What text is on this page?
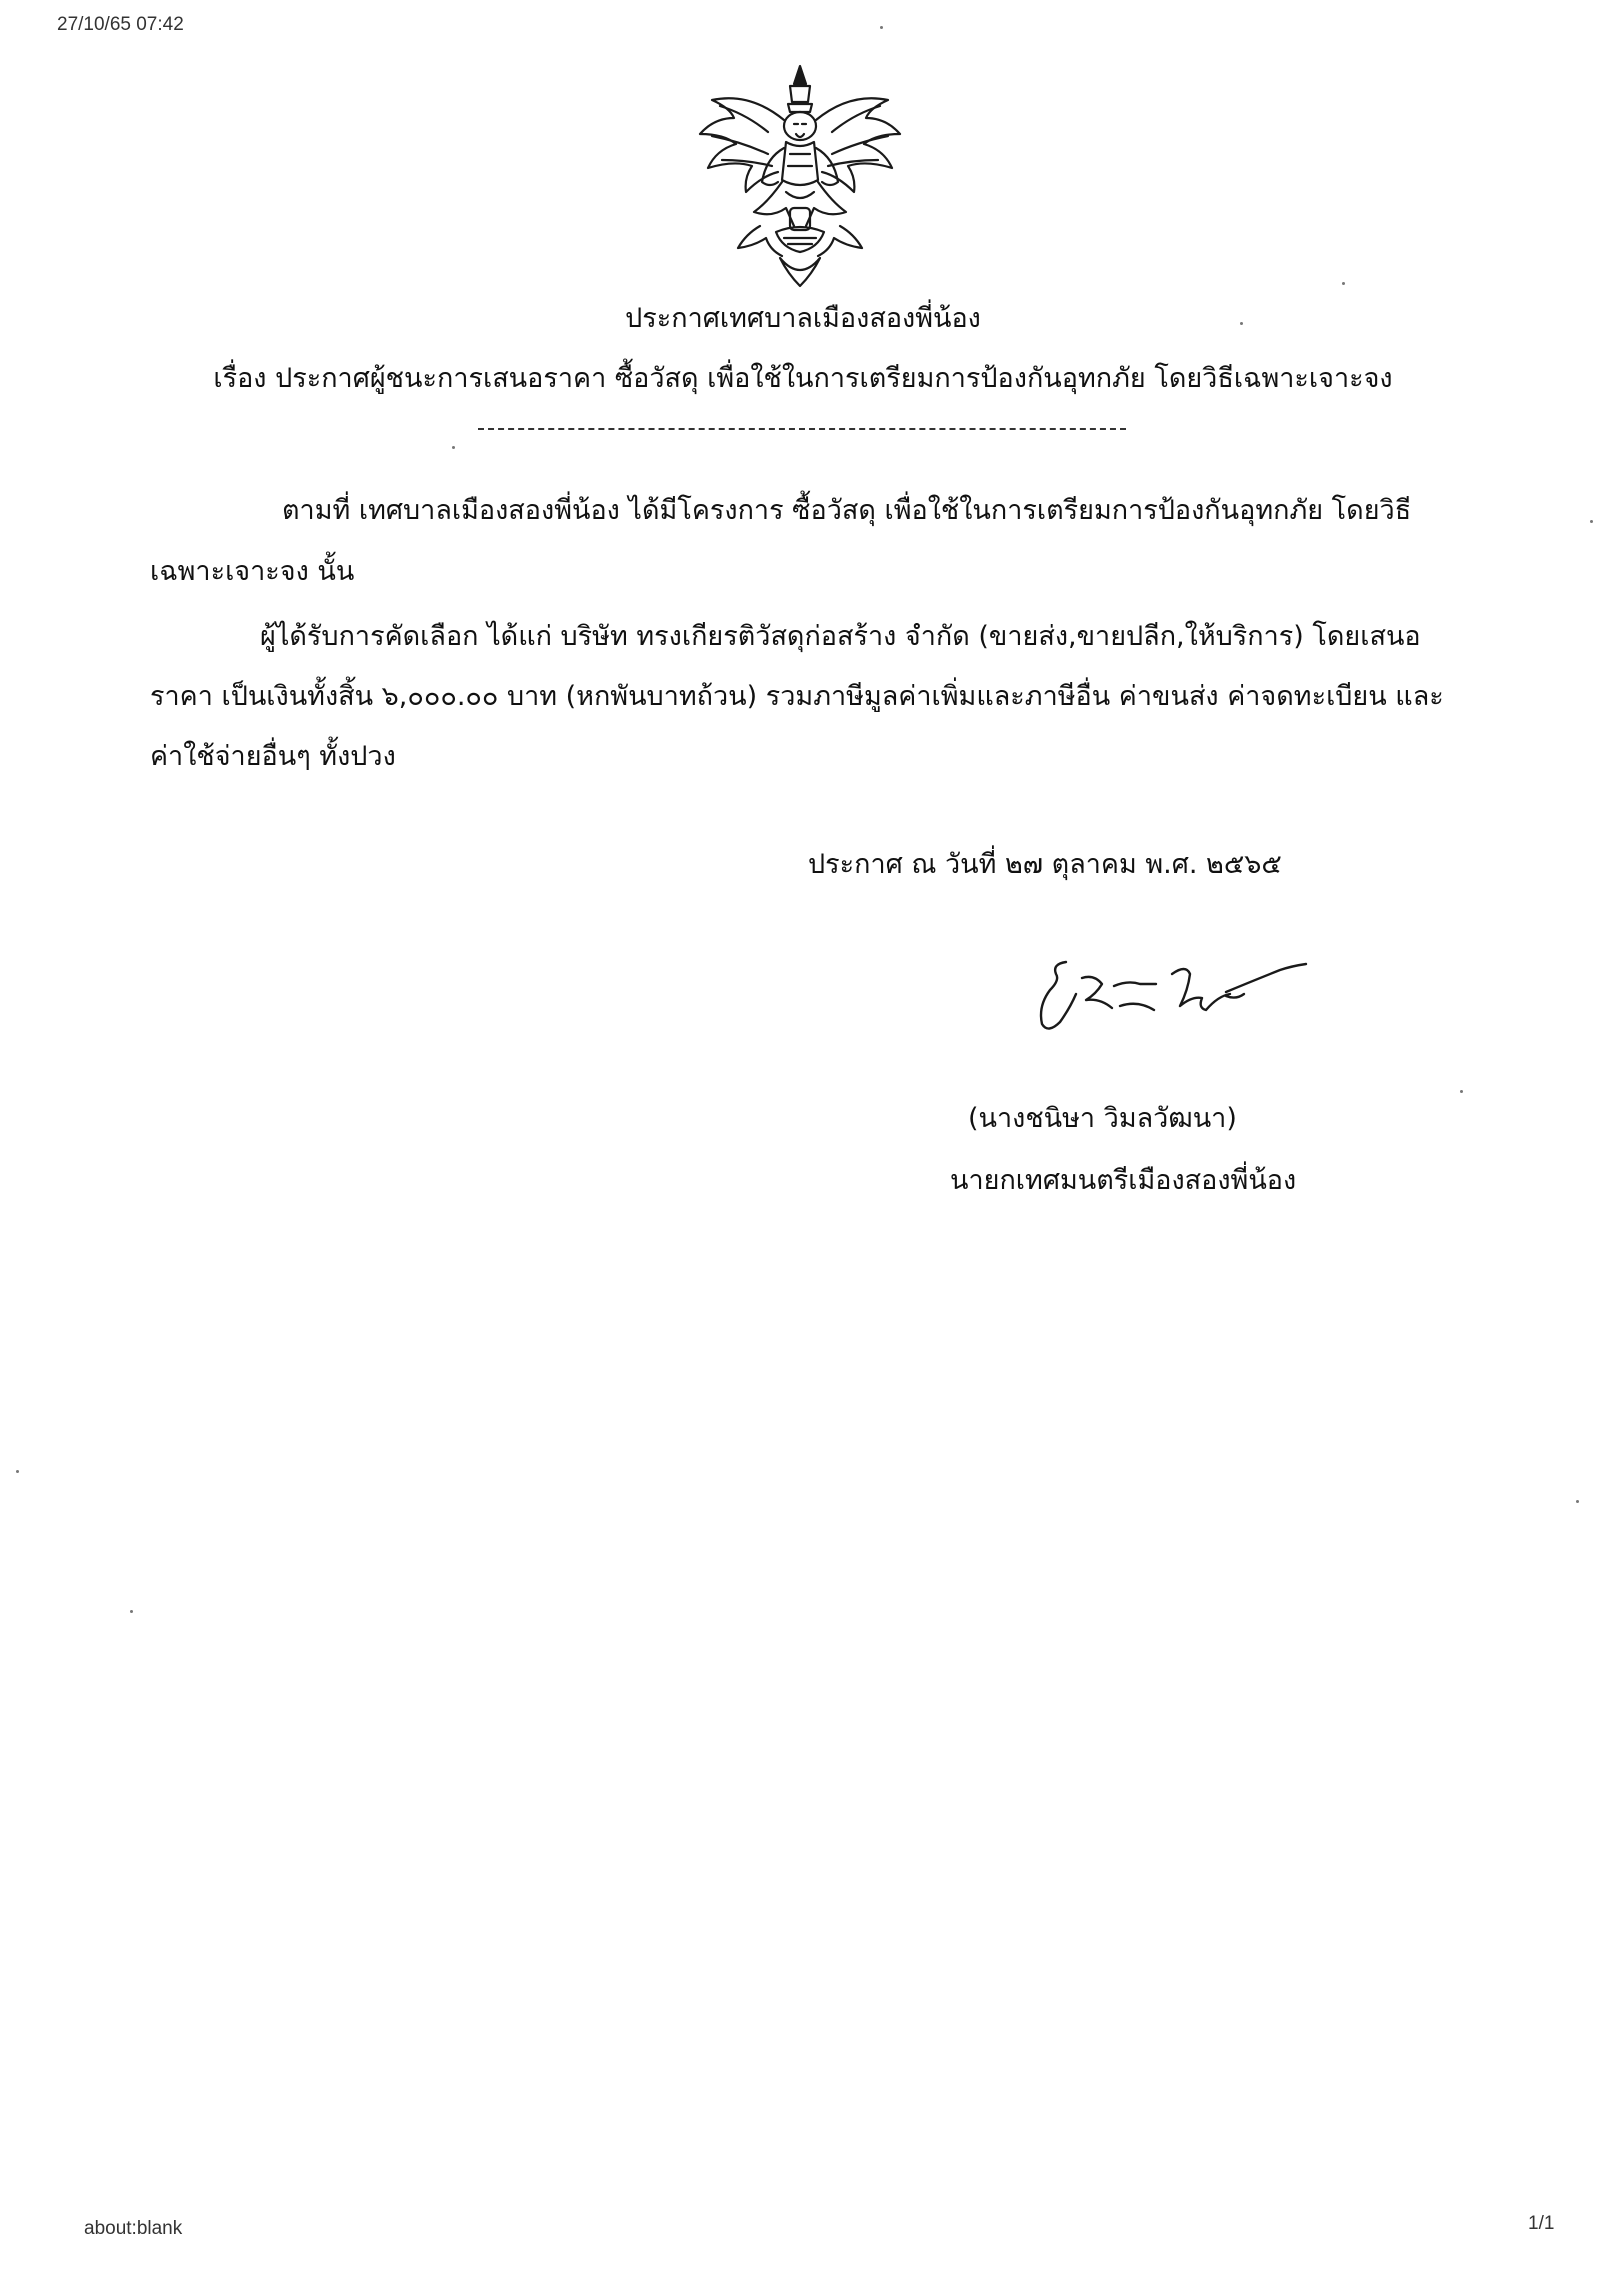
27/10/65 07:42
ประกาศเทศบาลเมืองสองพี่น้อง
เรื่อง ประกาศผู้ชนะการเสนอราคา ซื้อวัสดุ เพื่อใช้ในการเตรียมการป้องกันอุทกภัย โดยวิธีเฉพาะเจาะจง
ตามที่ เทศบาลเมืองสองพี่น้อง ได้มีโครงการ ซื้อวัสดุ เพื่อใช้ในการเตรียมการป้องกันอุทกภัย โดยวิธี
เฉพาะเจาะจง นั้น
ผู้ได้รับการคัดเลือก ได้แก่ บริษัท ทรงเกียรติวัสดุก่อสร้าง จำกัด (ขายส่ง,ขายปลีก,ให้บริการ) โดยเสนอ
ราคา เป็นเงินทั้งสิ้น ๖,๐๐๐.๐๐ บาท (หกพันบาทถ้วน) รวมภาษีมูลค่าเพิ่มและภาษีอื่น ค่าขนส่ง ค่าจดทะเบียน และ
ค่าใช้จ่ายอื่นๆ ทั้งปวง
ประกาศ ณ วันที่ ๒๗ ตุลาคม พ.ศ. ๒๕๖๕
(นางชนิษา วิมลวัฒนา)
นายกเทศมนตรีเมืองสองพี่น้อง
about:blank	1/1
